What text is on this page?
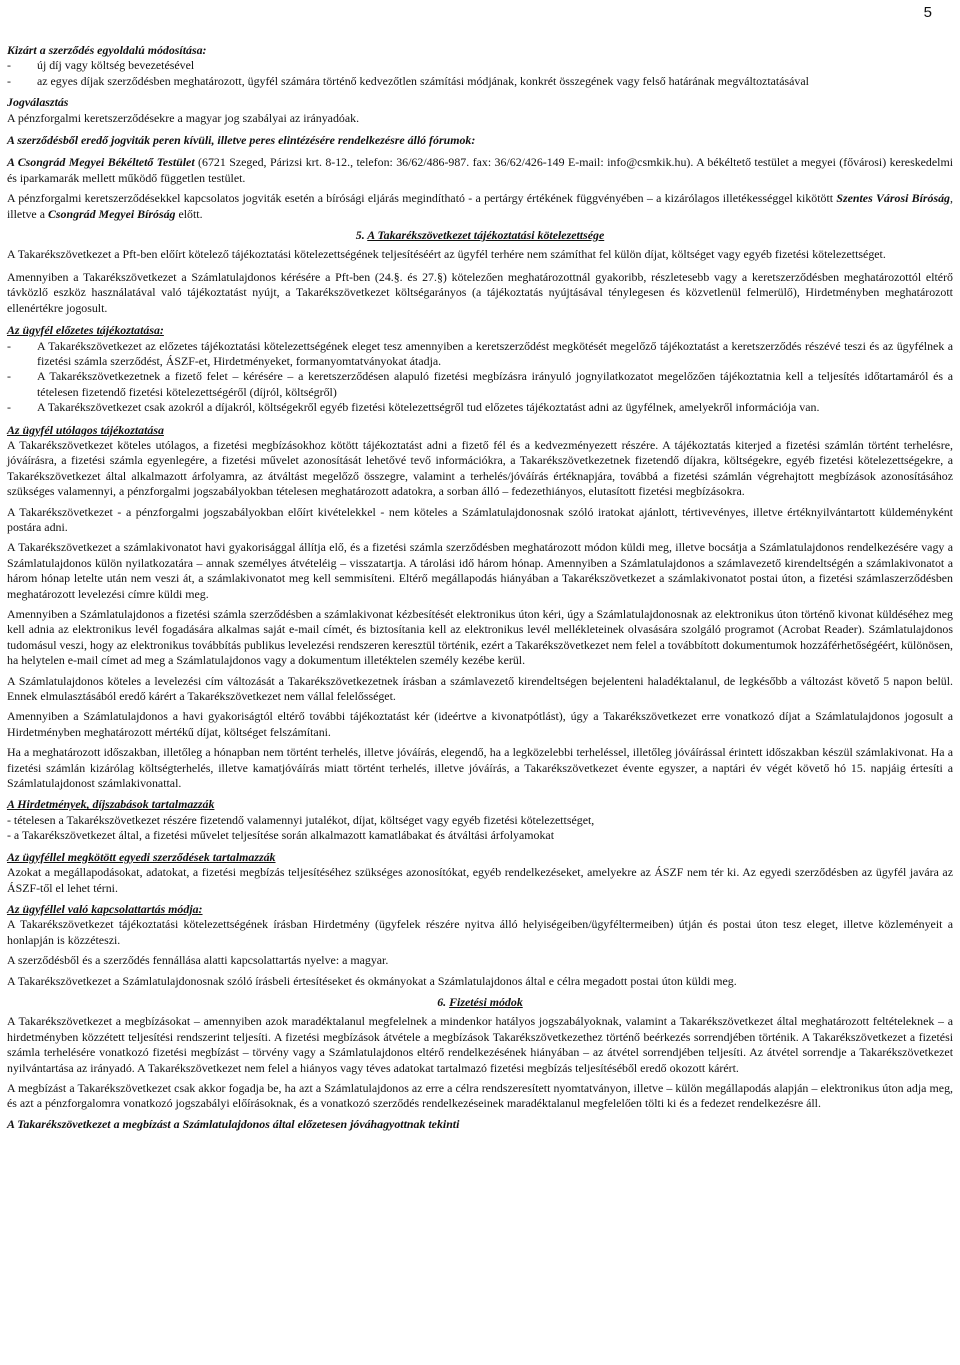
5

Kizárt a szerződés egyoldalú módosítása:

- új díj vagy költség bevezetésével
- az egyes díjak szerződésben meghatározott, ügyfél számára történő kedvezőtlen számítási módjának, konkrét összegének vagy felső határának megváltoztatásával

Jogválasztás

A pénzforgalmi keretszerződésekre a magyar jog szabályai az irányadóak.

A szerződésből eredő jogviták peren kívüli, illetve peres elintézésére rendelkezésre álló fórumok:

A Csongrád Megyei Békéltető Testület (6721 Szeged, Párizsi krt. 8-12., telefon: 36/62/486-987. fax: 36/62/426-149 E-mail: info@csmkik.hu). A békéltető testület a megyei (fővárosi) kereskedelmi és iparkamarák mellett működő független testület.

A pénzforgalmi keretszerződésekkel kapcsolatos jogviták esetén a bírósági eljárás megindítható - a pertárgy értékének függvényében – a kizárólagos illetékességgel kikötött Szentes Városi Bíróság, illetve a Csongrád Megyei Bíróság előtt.

5. A Takarékszövetkezet tájékoztatási kötelezettsége

A Takarékszövetkezet a Pft-ben előírt kötelező tájékoztatási kötelezettségének teljesítéséért az ügyfél terhére nem számíthat fel külön díjat, költséget vagy egyéb fizetési kötelezettséget.

Amennyiben a Takarékszövetkezet a Számlatulajdonos kérésére a Pft-ben (24.§. és 27.§) kötelezően meghatározottnál gyakoribb, részletesebb vagy a keretszerződésben meghatározottól eltérő távközlő eszköz használatával való tájékoztatást nyújt, a Takarékszövetkezet költségarányos (a tájékoztatás nyújtásával ténylegesen és közvetlenül felmerülő), Hirdetményben meghatározott ellenértékre jogosult.

Az ügyfél előzetes tájékoztatása:

- A Takarékszövetkezet az előzetes tájékoztatási kötelezettségének eleget tesz amennyiben a keretszerződést megkötését megelőző tájékoztatást a keretszerződés részévé teszi és az ügyfélnek a fizetési számla szerződést, ÁSZF-et, Hirdetményeket, formanyomtatványokat átadja.
- A Takarékszövetkezetnek a fizető felet – kérésére – a keretszerződésen alapuló fizetési megbízásra irányuló jognyilatkozatot megelőzően tájékoztatnia kell a teljesítés időtartamáról és a tételesen fizetendő fizetési kötelezettségéről (díjról, költségről)
- A Takarékszövetkezet csak azokról a díjakról, költségekről egyéb fizetési kötelezettségről tud előzetes tájékoztatást adni az ügyfélnek, amelyekről információja van.

Az ügyfél utólagos tájékoztatása

A Takarékszövetkezet köteles utólagos, a fizetési megbízásokhoz kötött tájékoztatást adni a fizető fél és a kedvezményezett részére. A tájékoztatás kiterjed a fizetési számlán történt terhelésre, jóváírásra, a fizetési számla egyenlegére, a fizetési művelet azonosítását lehetővé tevő információkra, a Takarékszövetkezetnek fizetendő díjakra, költségekre, egyéb fizetési kötelezettségekre, a Takarékszövetkezet által alkalmazott árfolyamra, az átváltást megelőző összegre, valamint a terhelés/jóváírás értéknapjára, továbbá a fizetési számlán végrehajtott megbízások azonosításához szükséges valamennyi, a pénzforgalmi jogszabályokban tételesen meghatározott adatokra, a sorban álló – fedezethiányos, elutasított fizetési megbízásokra.

A Takarékszövetkezet - a pénzforgalmi jogszabályokban előírt kivételekkel - nem köteles a Számlatulajdonosnak szóló iratokat ajánlott, tértivevényes, illetve értéknyilvántartott küldeményként postára adni.

A Takarékszövetkezet a számlakivonatot havi gyakorisággal állítja elő, és a fizetési számla szerződésben meghatározott módon küldi meg, illetve bocsátja a Számlatulajdonos rendelkezésére vagy a Számlatulajdonos külön nyilatkozatára – annak személyes átvételéig – visszatartja. A tárolási idő három hónap. Amennyiben a Számlatulajdonos a számlavezető kirendeltségén a számlakivonatot a három hónap letelte után nem veszi át, a számlakivonatot meg kell semmisíteni. Eltérő megállapodás hiányában a Takarékszövetkezet a számlakivonatot postai úton, a fizetési számlaszerződésben meghatározott levelezési címre küldi meg.

Amennyiben a Számlatulajdonos a fizetési számla szerződésben a számlakivonat kézbesítését elektronikus úton kéri, úgy a Számlatulajdonosnak az elektronikus úton történő kivonat küldéséhez meg kell adnia az elektronikus levél fogadására alkalmas saját e-mail címét, és biztosítania kell az elektronikus levél mellékleteinek olvasására szolgáló programot (Acrobat Reader). Számlatulajdonos tudomásul veszi, hogy az elektronikus továbbítás publikus levelezési rendszeren keresztül történik, ezért a Takarékszövetkezet nem felel a továbbított dokumentumok hozzáférhetőségéért, különösen, ha helytelen e-mail címet ad meg a Számlatulajdonos vagy a dokumentum illetéktelen személy kezébe kerül.

A Számlatulajdonos köteles a levelezési cím változását a Takarékszövetkezetnek írásban a számlavezető kirendeltségen bejelenteni haladéktalanul, de legkésőbb a változást követő 5 napon belül. Ennek elmulasztásából eredő kárért a Takarékszövetkezet nem vállal felelősséget.

Amennyiben a Számlatulajdonos a havi gyakoriságtól eltérő további tájékoztatást kér (ideértve a kivonatpótlást), úgy a Takarékszövetkezet erre vonatkozó díjat a Számlatulajdonos jogosult a Hirdetményben meghatározott mértékű díjat, költséget felszámítani.

Ha a meghatározott időszakban, illetőleg a hónapban nem történt terhelés, illetve jóváírás, elegendő, ha a legközelebbi terheléssel, illetőleg jóváírással érintett időszakban készül számlakivonat. Ha a fizetési számlán kizárólag költségterhelés, illetve kamatjóváírás miatt történt terhelés, illetve jóváírás, a Takarékszövetkezet évente egyszer, a naptári év végét követő hó 15. napjáig értesíti a Számlatulajdonost számlakivonattal.

A Hirdetmények, díjszabások tartalmazzák

- tételesen a Takarékszövetkezet részére fizetendő valamennyi jutalékot, díjat, költséget vagy egyéb fizetési kötelezettséget,

- a Takarékszövetkezet által, a fizetési művelet teljesítése során alkalmazott kamatlábakat és átváltási árfolyamokat

Az ügyféllel megkötött egyedi szerződések tartalmazzák

Azokat a megállapodásokat, adatokat, a fizetési megbízás teljesítéséhez szükséges azonosítókat, egyéb rendelkezéseket, amelyekre az ÁSZF nem tér ki. Az egyedi szerződésben az ügyfél javára az ÁSZF-től el lehet térni.

Az ügyféllel való kapcsolattartás módja:

A Takarékszövetkezet tájékoztatási kötelezettségének írásban Hirdetmény (ügyfelek részére nyitva álló helyiségeiben/ügyféltermeiben) útján és postai úton tesz eleget, illetve közleményeit a honlapján is közzéteszi.

A szerződésből és a szerződés fennállása alatti kapcsolattartás nyelve: a magyar.

A Takarékszövetkezet a Számlatulajdonosnak szóló írásbeli értesítéseket és okmányokat a Számlatulajdonos által e célra megadott postai úton küldi meg.

6. Fizetési módok

A Takarékszövetkezet a megbízásokat – amennyiben azok maradéktalanul megfelelnek a mindenkor hatályos jogszabályoknak, valamint a Takarékszövetkezet által meghatározott feltételeknek – a hirdetményben közzétett teljesítési rendszerint teljesíti. A fizetési megbízások átvétele a megbízások Takarékszövetkezethez történő beérkezés sorrendjében történik. A Takarékszövetkezet a fizetési számla terhelésére vonatkozó fizetési megbízást – törvény vagy a Számlatulajdonos eltérő rendelkezésének hiányában – az átvétel sorrendjében teljesíti. Az átvétel sorrendje a Takarékszövetkezet nyilvántartása az irányadó. A Takarékszövetkezet nem felel a hiányos vagy téves adatokat tartalmazó fizetési megbízás teljesítéséből eredő okozott kárért.

A megbízást a Takarékszövetkezet csak akkor fogadja be, ha azt a Számlatulajdonos az erre a célra rendszeresített nyomtatványon, illetve – külön megállapodás alapján – elektronikus úton adja meg, és azt a pénzforgalomra vonatkozó jogszabályi előírásoknak, és a vonatkozó szerződés rendelkezéseinek maradéktalanul megfelelően tölti ki és a fedezet rendelkezésre áll.

A Takarékszövetkezet a megbízást a Számlatulajdonos által előzetesen jóváhagyottnak tekinti
